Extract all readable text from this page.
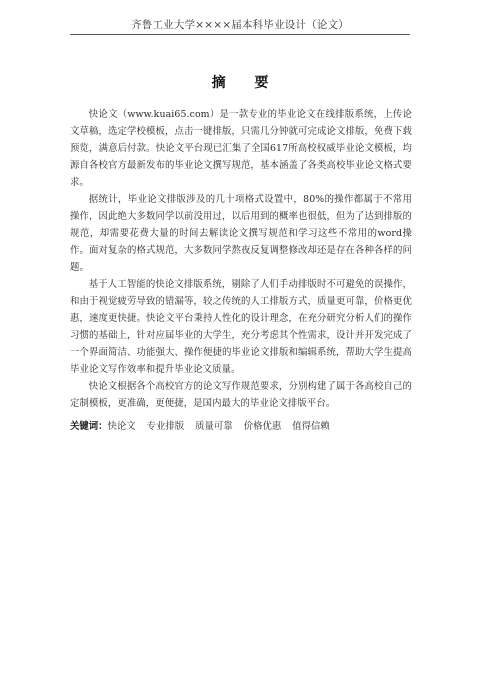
齐鲁工业大学××××届本科毕业设计（论文）
摘 要

快论文（www.kuai65.com）是一款专业的毕业论文在线排版系统，上传论文草稿，选定学校模板，点击一键排版，只需几分钟就可完成论文排版，免费下载预览，满意后付款。快论文平台现已汇集了全国617所高校权威毕业论文模板，均源自各校官方最新发布的毕业论文撰写规范，基本涵盖了各类高校毕业论文格式要求。

据统计，毕业论文排版涉及的几十项格式设置中，80%的操作都属于不常用操作，因此绝大多数同学以前没用过，以后用到的概率也很低，但为了达到排版的规范，却需要花费大量的时间去解读论文撰写规范和学习这些不常用的word操作。面对复杂的格式规范，大多数同学熬夜反复调整修改却还是存在各种各样的问题。

基于人工智能的快论文排版系统，剔除了人们手动排版时不可避免的误操作，和由于视觉疲劳导致的错漏等，较之传统的人工排版方式，质量更可靠，价格更优惠，速度更快捷。快论文平台秉持人性化的设计理念，在充分研究分析人们的操作习惯的基础上，针对应届毕业的大学生，充分考虑其个性需求，设计并开发完成了一个界面简洁、功能强大、操作便捷的毕业论文排版和编辑系统，帮助大学生提高毕业论文写作效率和提升毕业论文质量。

快论文根据各个高校官方的论文写作规范要求，分别构建了属于各高校自己的定制模板，更准确，更便捷，是国内最大的毕业论文排版平台。

关键词：快论文 专业排版 质量可靠 价格优惠 值得信赖
